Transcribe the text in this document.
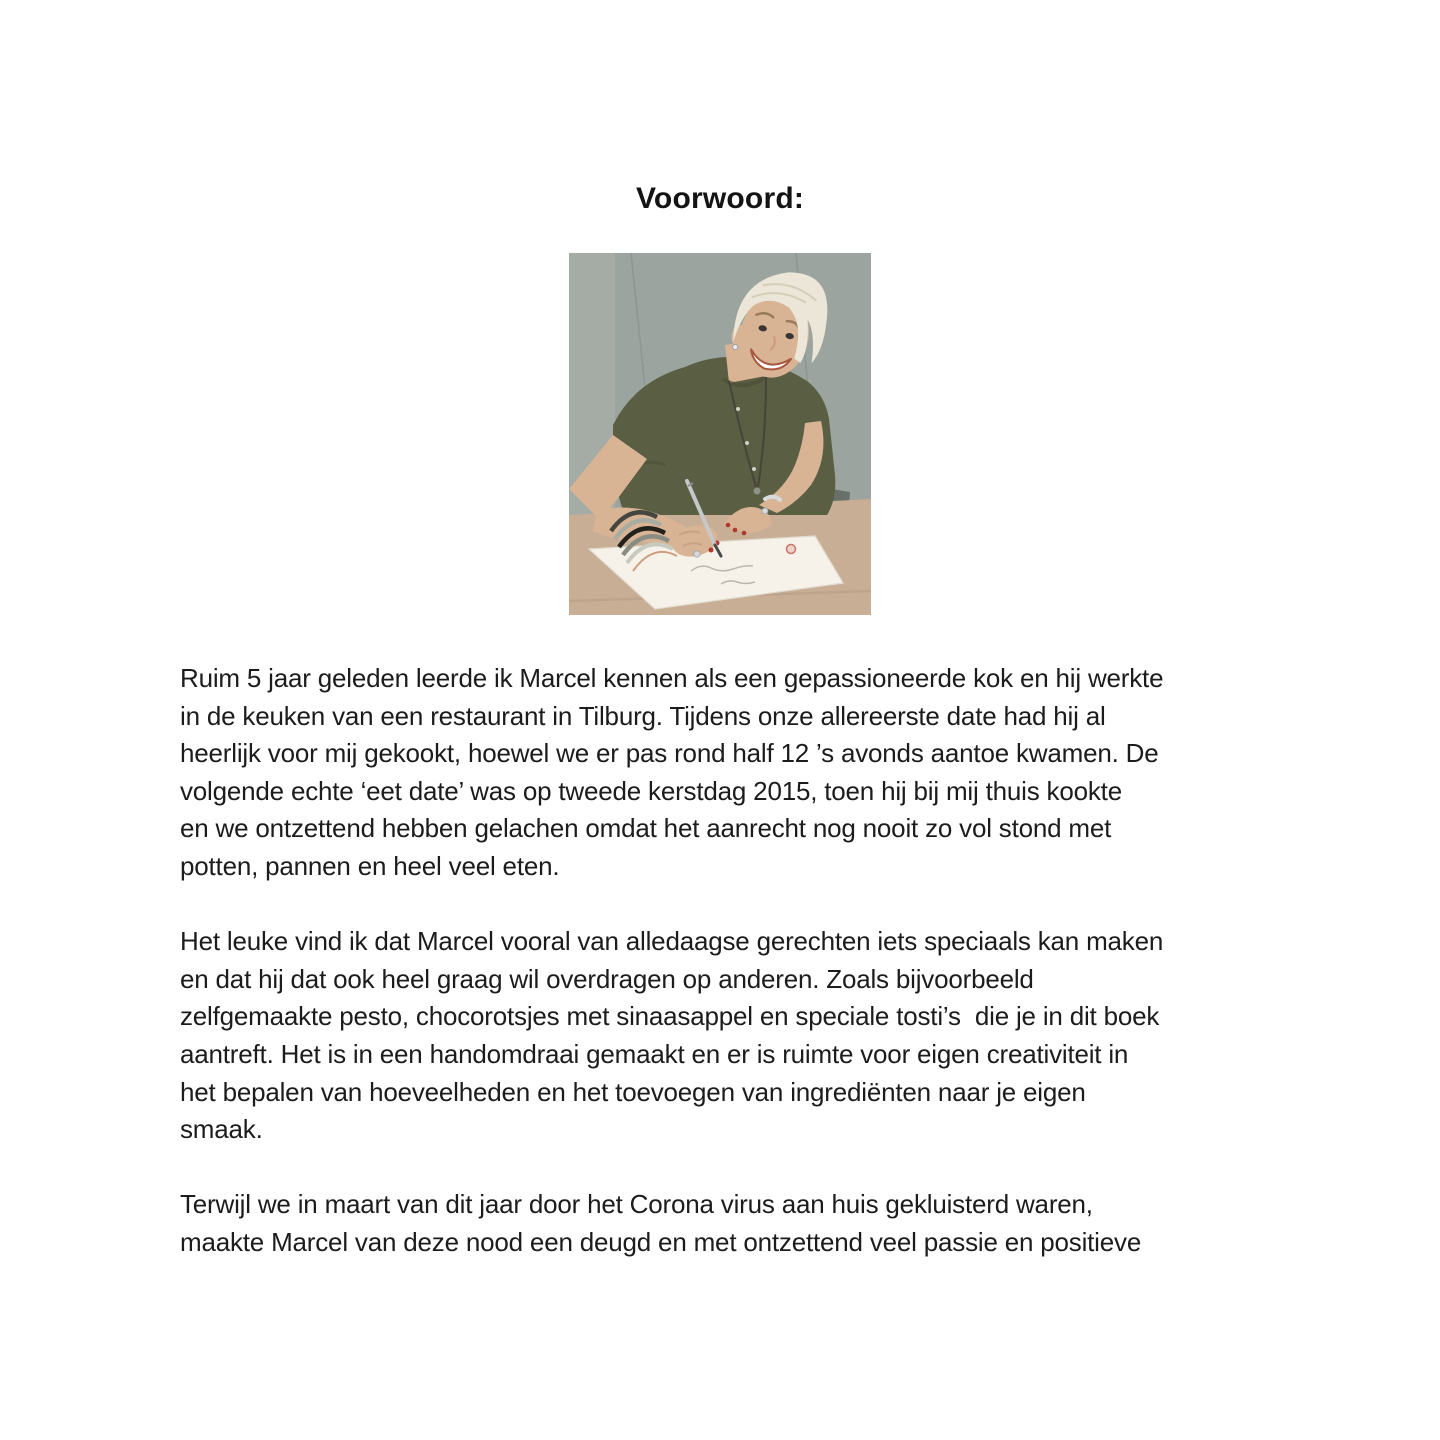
Voorwoord:
Ruim 5 jaar geleden leerde ik Marcel kennen als een gepassioneerde kok en hij werkte
in de keuken van een restaurant in Tilburg. Tijdens onze allereerste date had hij al
heerlijk voor mij gekookt, hoewel we er pas rond half 12 ’s avonds aantoe kwamen. De
volgende echte ‘eet date’ was op tweede kerstdag 2015, toen hij bij mij thuis kookte
en we ontzettend hebben gelachen omdat het aanrecht nog nooit zo vol stond met
potten, pannen en heel veel eten.
Het leuke vind ik dat Marcel vooral van alledaagse gerechten iets speciaals kan maken
en dat hij dat ook heel graag wil overdragen op anderen. Zoals bijvoorbeeld
zelfgemaakte pesto, chocorotsjes met sinaasappel en speciale tosti’s  die je in dit boek
aantreft. Het is in een handomdraai gemaakt en er is ruimte voor eigen creativiteit in
het bepalen van hoeveelheden en het toevoegen van ingrediënten naar je eigen
smaak.
Terwijl we in maart van dit jaar door het Corona virus aan huis gekluisterd waren,
maakte Marcel van deze nood een deugd en met ontzettend veel passie en positieve
